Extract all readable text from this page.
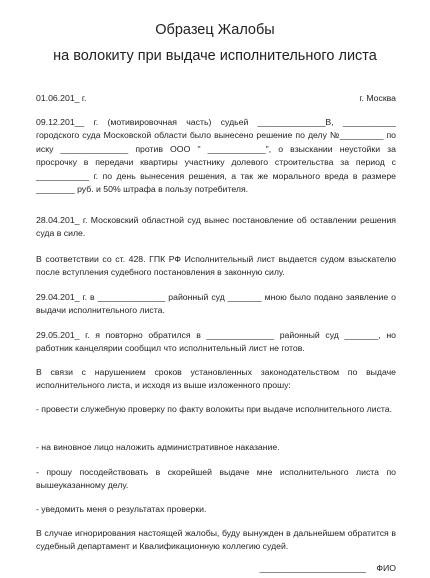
Образец Жалобы
на волокиту при выдаче исполнительного листа
01.06.201_ г.	г. Москва
09.12.201__ г. (мотивировочная часть) судьей ______________В, ___________ городского суда Московской области было вынесено решение по делу №_________ по иску ______________ против ООО " ____________", о взыскании неустойки за просрочку в передачи квартиры участнику долевого строительства за период с ___________ г. по день вынесения решения, а так же морального вреда в размере ________ руб. и 50% штрафа в пользу потребителя.
28.04.201_ г. Московский областной суд вынес постановление об оставлении решения суда в силе.
В соответствии со ст. 428. ГПК РФ Исполнительный лист выдается судом взыскателю после вступления судебного постановления в законную силу.
29.04.201_ г. в ______________ районный суд _______ мною было подано заявление о выдачи исполнительного листа.
29.05.201_ г. я повторно обратился в ______________ районный суд _______, но работник канцелярии сообщил что исполнительный лист не готов.
В связи с нарушением сроков установленных законодательством по выдаче исполнительного листа, и исходя из выше изложенного прошу:
- провести служебную проверку по факту волокиты при выдаче исполнительного листа.
- на виновное лицо наложить административное наказание.
- прошу посодействовать в скорейшей выдаче мне исполнительного листа по вышеуказанному делу.
- уведомить меня о результатах проверки.
В случае игнорирования настоящей жалобы, буду вынужден в дальнейшем обратится в судебный департамент и Квалификационную коллегию судей.
______________________ ФИО
